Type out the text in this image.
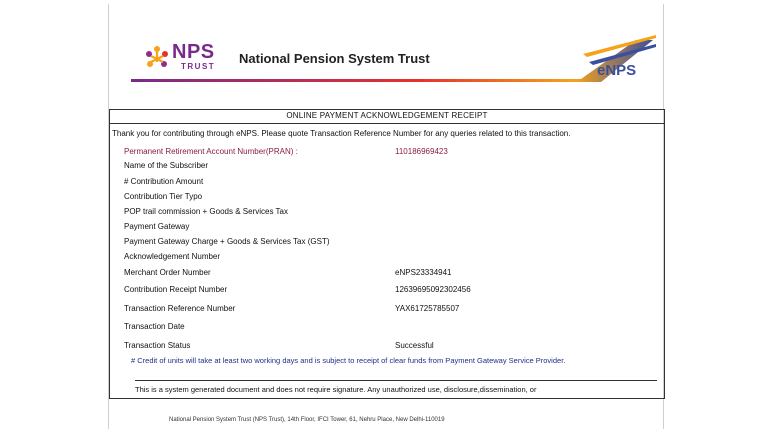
NPS
TRUST
National Pension System Trust
eNPS
ONLINE PAYMENT ACKNOWLEDGEMENT RECEIPT
Thank you for contributing through eNPS. Please quote Transaction Reference Number for any queries related to this transaction.
Permanent Retirement Account Number(PRAN) :	110186969423
Name of the Subscriber
# Contribution Amount
Contribution Tier Typo
POP trail commission + Goods & Services Tax
Payment Gateway
Payment Gateway Charge + Goods & Services Tax (GST)
Acknowledgement Number
Merchant Order Number	eNPS23334941
Contribution Receipt Number	12639695092302456
Transaction Reference Number	YAX61725785507
Transaction Date
Transaction Status	Successful
# Credit of units will take at least two working days and is subject to receipt of clear funds from Payment Gateway Service Provider.
This is a system generated document and does not require signature. Any unauthorized use, disclosure,dissemination, or
National Pension System Trust (NPS Trust), 14th Floor, IFCI Tower, 61, Nehru Place, New Delhi-110019
